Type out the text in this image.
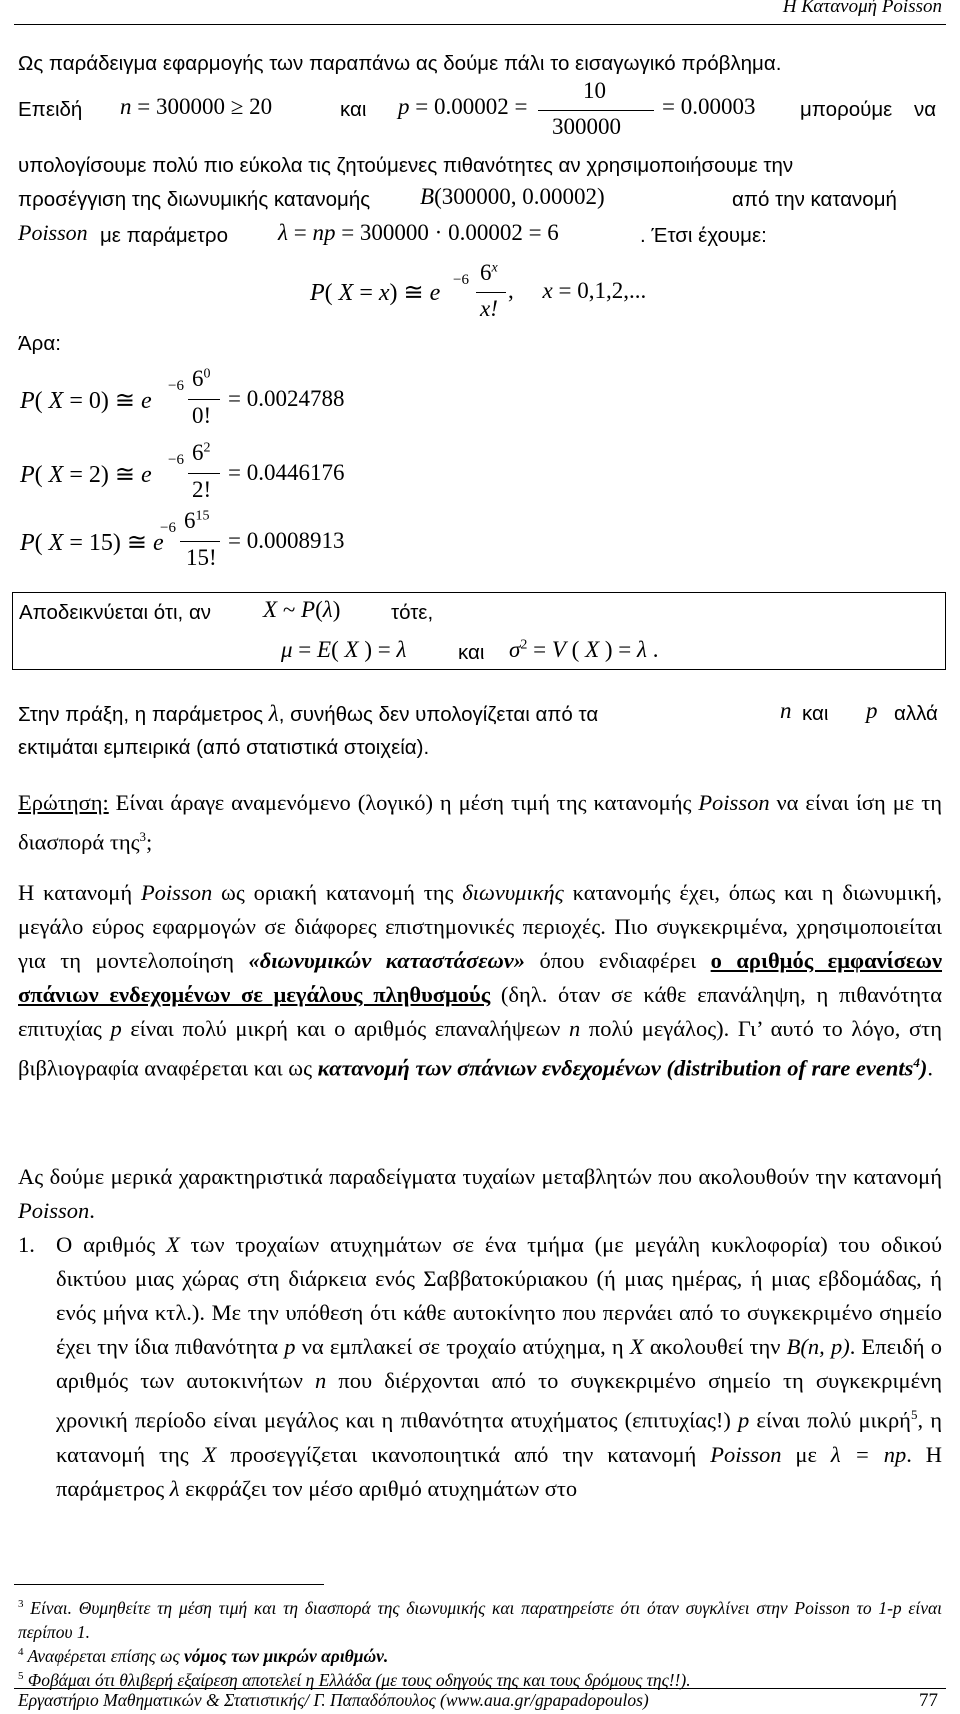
Η Κατανομή Poisson
Ως παράδειγμα εφαρμογής των παραπάνω ας δούμε πάλι το εισαγωγικό πρόβλημα.
Επειδή n = 300000 ≥ 20	και p = 0.00002 =
10
300000
= 0.00003 μπορούμε να
υπολογίσουμε πολύ πιο εύκολα τις ζητούμενες πιθανότητες αν χρησιμοποιήσουμε την
προσέγγιση της διωνυμικής κατανομής B(300000, 0.00002)	από την κατανομή
Poisson με παράμετρο λ = np = 300000 · 0.00002 = 6	. Έτσι έχουμε:
P( X = x) ≅ e −6 6$^x$
x!
,     x = 0,1,2,...
Άρα:
P( X = 0) ≅ e
−6 $6^0$
0!
= 0.0024788
P( X = 2) ≅ e
−6 $6^2$
2!
= 0.0446176
P( X = 15) ≅ e
−6 $6^{15}$
15!
= 0.0008913
Αποδεικνύεται ότι, αν X ~ P(λ) τότε,
μ = E( X ) = λ	και $\sigma^2 = V$ ( X ) = λ .
Στην πράξη, η παράμετρος λ, συνήθως δεν υπολογίζεται από τα	n και p αλλά
εκτιμάται εμπειρικά (από στατιστικά στοιχεία).

Ερώτηση: Είναι άραγε αναμενόμενο (λογικό) η μέση τιμή της κατανομής Poisson να είναι ίση με τη διασπορά της$^3$;

Η κατανομή Poisson ως οριακή κατανομή της διωνυμικής κατανομής έχει, όπως και η διωνυμική, μεγάλο εύρος εφαρμογών σε διάφορες επιστημονικές περιοχές. Πιο συγκεκριμένα, χρησιμοποιείται για τη μοντελοποίηση «διωνυμικών καταστάσεων» όπου ενδιαφέρει ο αριθμός εμφανίσεων σπάνιων ενδεχομένων σε μεγάλους πληθυσμούς (δηλ. όταν σε κάθε επανάληψη, η πιθανότητα επιτυχίας p είναι πολύ μικρή και ο αριθμός επαναλήψεων n πολύ μεγάλος). Γι’ αυτό το λόγο, στη βιβλιογραφία αναφέρεται και ως κατανομή των σπάνιων ενδεχομένων (distribution of rare events$^4$).

Ας δούμε μερικά χαρακτηριστικά παραδείγματα τυχαίων μεταβλητών που ακολουθούν την κατανομή Poisson.

1. Ο αριθμός X των τροχαίων ατυχημάτων σε ένα τμήμα (με μεγάλη κυκλοφορία) του οδικού δικτύου μιας χώρας στη διάρκεια ενός Σαββατοκύριακου (ή μιας ημέρας, ή μιας εβδομάδας, ή ενός μήνα κτλ.). Με την υπόθεση ότι κάθε αυτοκίνητο που περνάει από το συγκεκριμένο σημείο έχει την ίδια πιθανότητα p να εμπλακεί σε τροχαίο ατύχημα, η X ακολουθεί την B(n, p). Επειδή ο αριθμός των αυτοκινήτων n που διέρχονται από το συγκεκριμένο σημείο τη συγκεκριμένη χρονική περίοδο είναι μεγάλος και η πιθανότητα ατυχήματος (επιτυχίας!) p είναι πολύ μικρή$^5$, η κατανομή της X προσεγγίζεται ικανοποιητικά από την κατανομή Poisson με λ = np. Η παράμετρος λ εκφράζει τον μέσο αριθμό ατυχημάτων στο

$^3$ Είναι. Θυμηθείτε τη μέση τιμή και τη διασπορά της διωνυμικής και παρατηρείστε ότι όταν συγκλίνει στην Poisson το 1-p είναι περίπου 1.
$^4$ Αναφέρεται επίσης ως νόμος των μικρών αριθμών.
$^5$ Φοβάμαι ότι θλιβερή εξαίρεση αποτελεί η Ελλάδα (με τους οδηγούς της και τους δρόμους της!!).
Εργαστήριο Μαθηματικών & Στατιστικής/ Γ. Παπαδόπουλος (www.aua.gr/gpapadopoulos)	77
